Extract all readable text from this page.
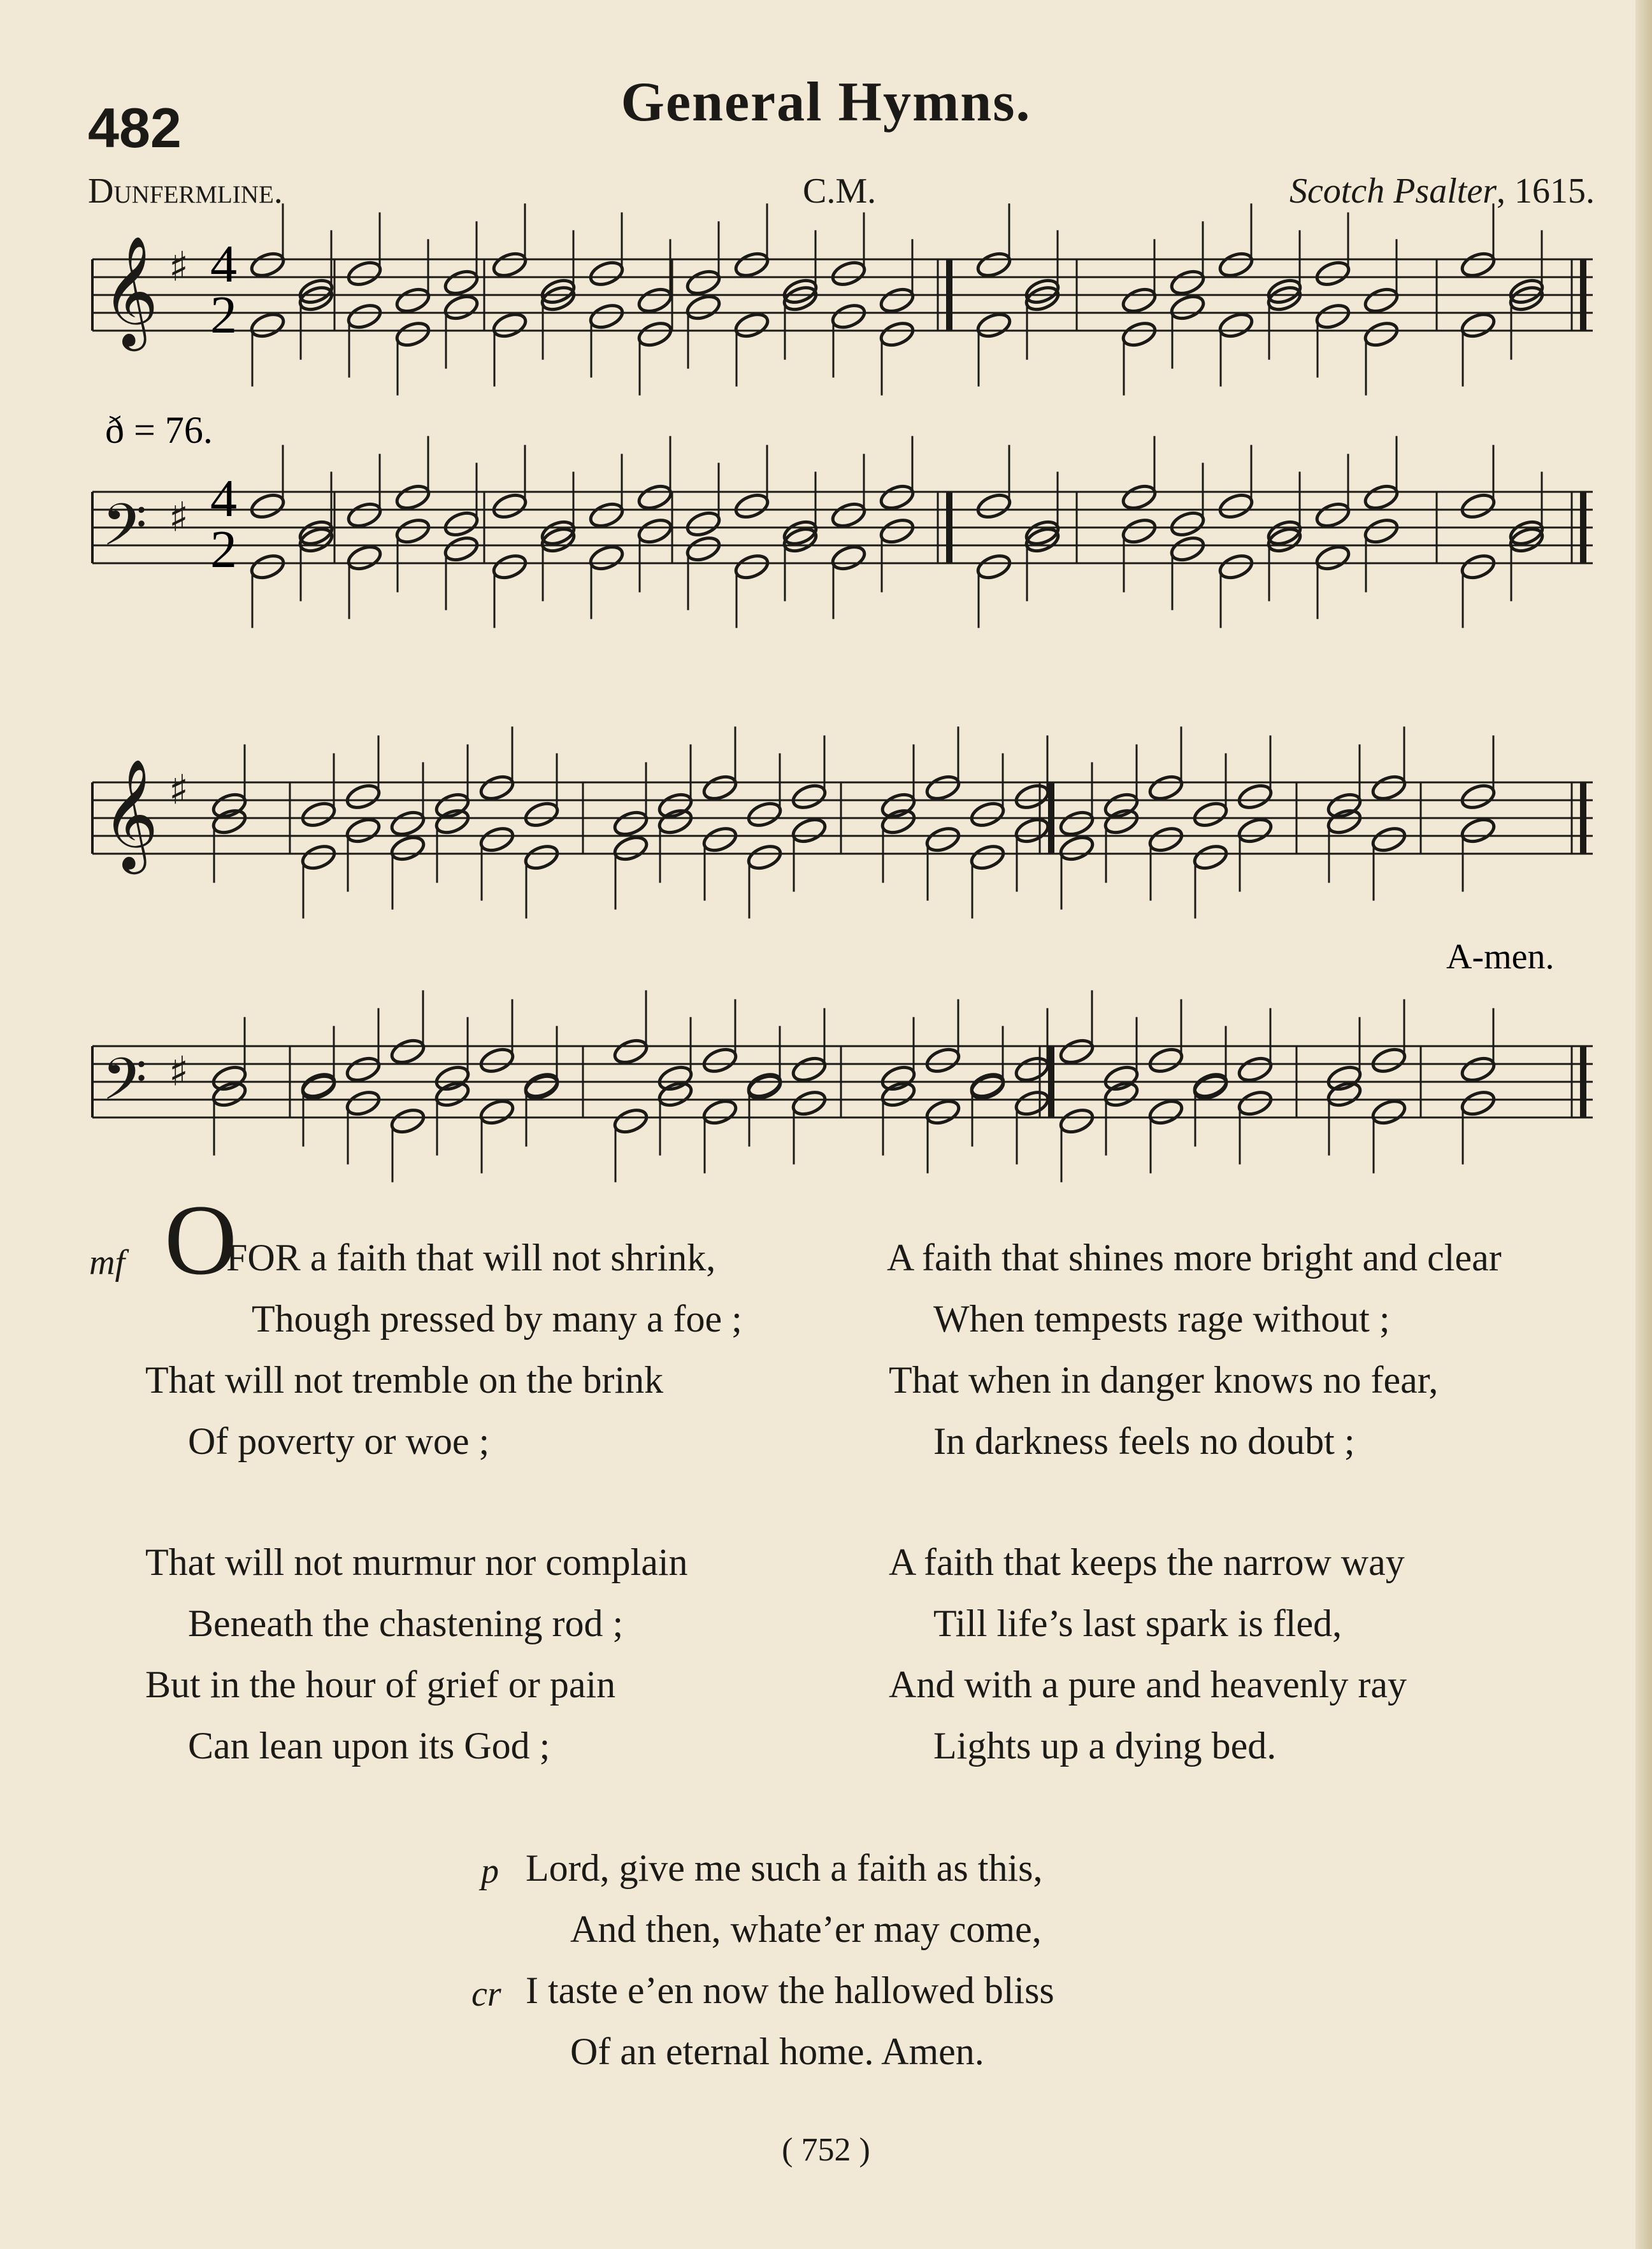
482	General Hymns.
Dunfermline.	C.M.	Scotch Psalter, 1615.
𝄞 ♯
𝄢 ♯
𝄞 ♯
𝄢 ♯
4
2
4
2
ð = 76.
A-men.
O
mf	FOR a faith that will not shrink,
Though pressed by many a foe ;
That will not tremble on the brink
Of poverty or woe ;
A faith that shines more bright and clear
When tempests rage without ;
That when in danger knows no fear,
In darkness feels no doubt ;
That will not murmur nor complain
Beneath the chastening rod ;
But in the hour of grief or pain
Can lean upon its God ;
A faith that keeps the narrow way
Till life’s last spark is fled,
And with a pure and heavenly ray
Lights up a dying bed.
p Lord, give me such a faith as this,
And then, whate’er may come,
cr I taste e’en now the hallowed bliss
Of an eternal home. Amen.
( 752 )
